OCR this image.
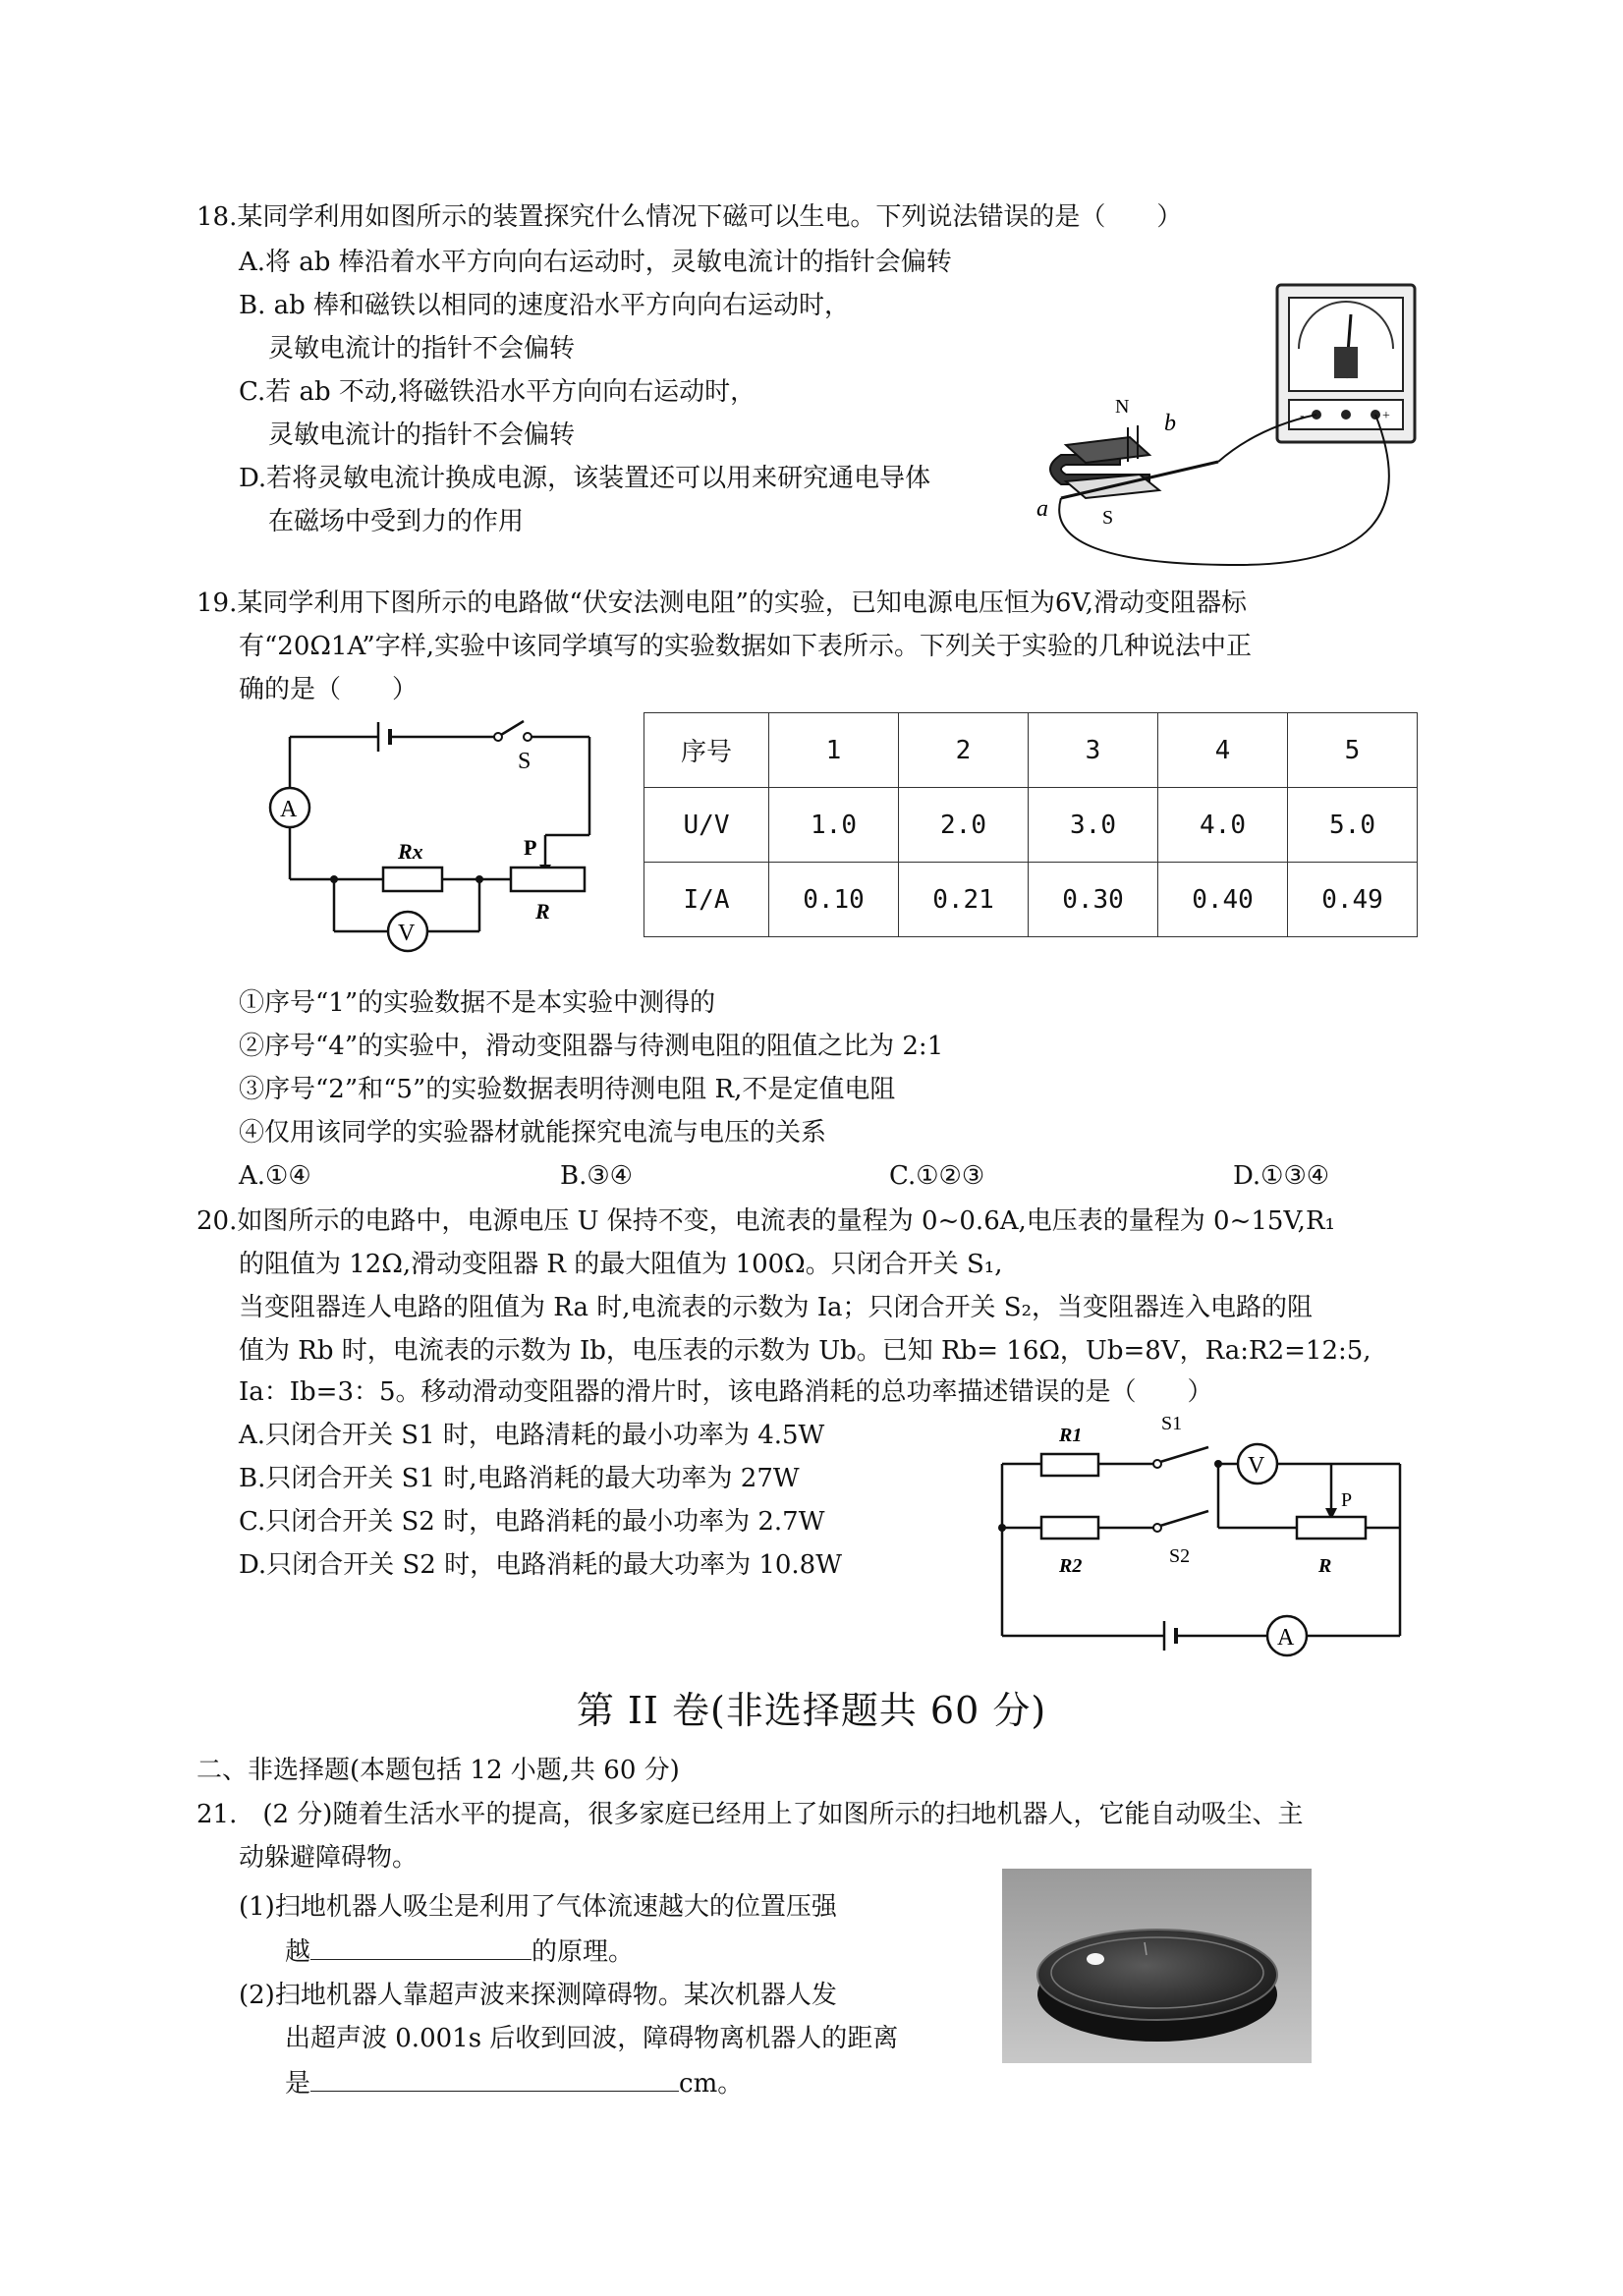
18.某同学利用如图所示的装置探究什么情况下磁可以生电。下列说法错误的是（　　）
A.将 ab 棒沿着水平方向向右运动时，灵敏电流计的指针会偏转
B. ab 棒和磁铁以相同的速度沿水平方向向右运动时，
灵敏电流计的指针不会偏转
C.若 ab 不动,将磁铁沿水平方向向右运动时，
灵敏电流计的指针不会偏转
D.若将灵敏电流计换成电源，该装置还可以用来研究通电导体
在磁场中受到力的作用
-	+
N
b
a	S
19.某同学利用下图所示的电路做“伏安法测电阻”的实验，已知电源电压恒为6V,滑动变阻器标
有“20Ω1A”字样,实验中该同学填写的实验数据如下表所示。下列关于实验的几种说法中正
确的是（　　）
S
A
P
Rx
R
V
序号	1	2	3	4	5
U/V	1.0	2.0	3.0	4.0	5.0
I/A	0.10	0.21	0.30	0.40	0.49
①序号“1”的实验数据不是本实验中测得的
②序号“4”的实验中，滑动变阻器与待测电阻的阻值之比为 2:1
③序号“2”和“5”的实验数据表明待测电阻 R,不是定值电阻
④仅用该同学的实验器材就能探究电流与电压的关系
A.①④	B.③④	C.①②③	D.①③④
20.如图所示的电路中，电源电压 U 保持不变，电流表的量程为 0~0.6A,电压表的量程为 0~15V,R₁
的阻值为 12Ω,滑动变阻器 R 的最大阻值为 100Ω。只闭合开关 S₁,
当变阻器连人电路的阻值为 Ra 时,电流表的示数为 Ia；只闭合开关 S₂，当变阻器连入电路的阻
值为 Rb 时，电流表的示数为 Ib，电压表的示数为 Ub。已知 Rb= 16Ω，Ub=8V，Ra:R2=12:5,
Ia：Ib=3：5。移动滑动变阻器的滑片时，该电路消耗的总功率描述错误的是（　　）
A.只闭合开关 S1 时，电路清耗的最小功率为 4.5W
B.只闭合开关 S1 时,电路消耗的最大功率为 27W
C.只闭合开关 S2 时，电路消耗的最小功率为 2.7W
D.只闭合开关 S2 时，电路消耗的最大功率为 10.8W
R1
S1
V
P
R2	S2	R
A
第 II 卷(非选择题共 60 分)
二、非选择题(本题包括 12 小题,共 60 分)
21.　(2 分)随着生活水平的提高，很多家庭已经用上了如图所示的扫地机器人，它能自动吸尘、主
动躲避障碍物。
(1)扫地机器人吸尘是利用了气体流速越大的位置压强
越	的原理。
(2)扫地机器人靠超声波来探测障碍物。某次机器人发
出超声波 0.001s 后收到回波，障碍物离机器人的距离
是	cm。
